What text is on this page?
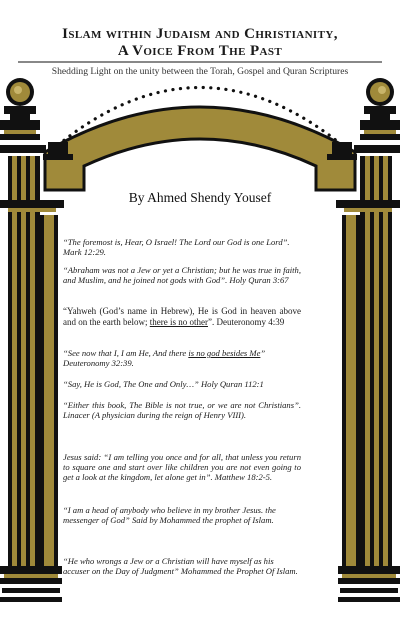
Islam within Judaism and Christianity,
A Voice From The Past

Shedding Light on the unity between the Torah, Gospel and Quran Scriptures

By Ahmed Shendy Yousef

“The foremost is, Hear, O Israel! The Lord our God is one Lord”. Mark 12:29.

“Abraham was not a Jew or yet a Christian; but he was true in faith, and Muslim, and he joined not gods with God”. Holy Quran 3:67

“Yahweh (God’s name in Hebrew), He is God in heaven above and on the earth below; there is no other”. Deuteronomy 4:39

“See now that I, I am He, And there is no god besides Me” Deuteronomy 32:39.

“Say, He is God, The One and Only…” Holy Quran 112:1

“Either this book, The Bible is not true, or we are not Christians”. Linacer (A physician during the reign of Henry VIII).

Jesus said: “I am telling you once and for all, that unless you return to square one and start over like children you are not even going to get a look at the kingdom, let alone get in”. Matthew 18:2-5.

“I am a head of anybody who believe in my brother Jesus. the messenger of God” Said by Mohammed the prophet of Islam.

“He who wrongs a Jew or a Christian will have myself as his accuser on the Day of Judgment” Mohammed the Prophet Of Islam.
